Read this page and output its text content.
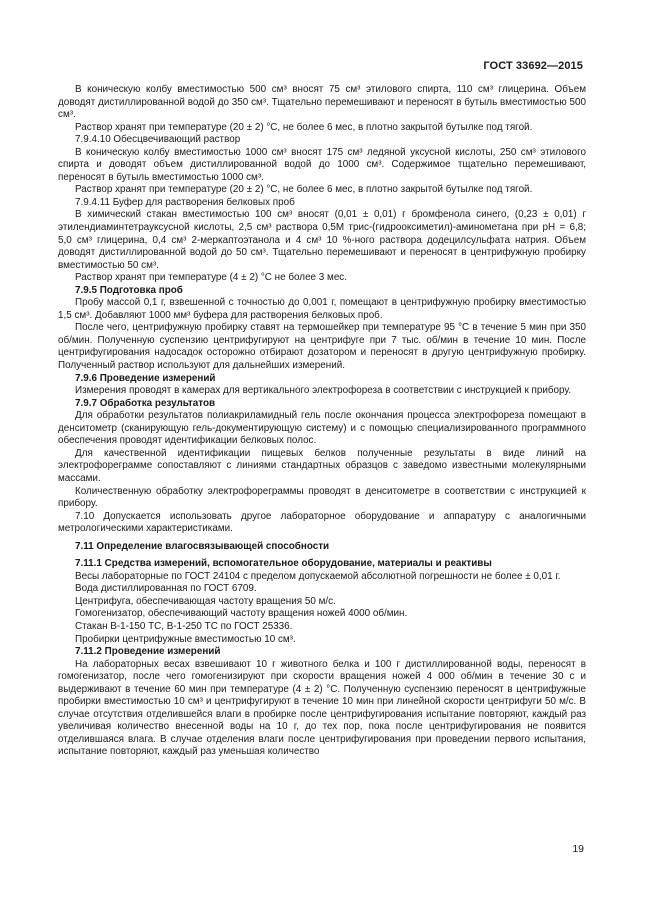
ГОСТ 33692—2015

В коническую колбу вместимостью 500 см³ вносят 75 см³ этилового спирта, 110 см³ глицерина. Объем доводят дистиллированной водой до 350 см³. Тщательно перемешивают и переносят в бутыль вместимостью 500 см³.

Раствор хранят при температуре (20 ± 2) °С, не более 6 мес, в плотно закрытой бутылке под тягой.

7.9.4.10 Обесцвечивающий раствор

В коническую колбу вместимостью 1000 см³ вносят 175 см³ ледяной уксусной кислоты, 250 см³ этилового спирта и доводят объем дистиллированной водой до 1000 см³. Содержимое тщательно перемешивают, переносят в бутыль вместимостью 1000 см³.

Раствор хранят при температуре (20 ± 2) °С, не более 6 мес, в плотно закрытой бутылке под тягой.

7.9.4.11 Буфер для растворения белковых проб

В химический стакан вместимостью 100 см³ вносят (0,01 ± 0,01) г бромфенола синего, (0,23 ± 0,01) г этилендиаминтетрауксусной кислоты, 2,5 см³ раствора 0,5М трис-(гидрооксиметил)-аминометана при pH = 6,8; 5,0 см³ глицерина, 0,4 см³ 2-меркаптоэтанола и 4 см³ 10 %-ного раствора додецилсульфата натрия. Объем доводят дистиллированной водой до 50 см³. Тщательно перемешивают и переносят в центрифужную пробирку вместимостью 50 см³.

Раствор хранят при температуре (4 ± 2) °С не более 3 мес.

7.9.5 Подготовка проб

Пробу массой 0,1 г, взвешенной с точностью до 0,001 г, помещают в центрифужную пробирку вместимостью 1,5 см³. Добавляют 1000 мм³ буфера для растворения белковых проб.

После чего, центрифужную пробирку ставят на термошейкер при температуре 95 °С в течение 5 мин при 350 об/мин. Полученную суспензию центрифугируют на центрифуге при 7 тыс. об/мин в течение 10 мин. После центрифугирования надосадок осторожно отбирают дозатором и переносят в другую центрифужную пробирку. Полученный раствор используют для дальнейших измерений.

7.9.6 Проведение измерений

Измерения проводят в камерах для вертикального электрофореза в соответствии с инструкцией к прибору.

7.9.7 Обработка результатов

Для обработки результатов полиакриламидный гель после окончания процесса электрофореза помещают в денситометр (сканирующую гель-документирующую систему) и с помощью специализированного программного обеспечения проводят идентификации белковых полос.

Для качественной идентификации пищевых белков полученные результаты в виде линий на электрофореграмме сопоставляют с линиями стандартных образцов с заведомо известными молекулярными массами.

Количественную обработку электрофореграммы проводят в денситометре в соответствии с инструкцией к прибору.

7.10 Допускается использовать другое лабораторное оборудование и аппаратуру с аналогичными метрологическими характеристиками.

7.11 Определение влагосвязывающей способности

7.11.1 Средства измерений, вспомогательное оборудование, материалы и реактивы

Весы лабораторные по ГОСТ 24104 с пределом допускаемой абсолютной погрешности не более ± 0,01 г.

Вода дистиллированная по ГОСТ 6709.

Центрифуга, обеспечивающая частоту вращения 50 м/с.

Гомогенизатор, обеспечивающий частоту вращения ножей 4000 об/мин.

Стакан В-1-150 ТС, В-1-250 ТС по ГОСТ 25336.

Пробирки центрифужные вместимостью 10 см³.

7.11.2 Проведение измерений

На лабораторных весах взвешивают 10 г животного белка и 100 г дистиллированной воды, переносят в гомогенизатор, после чего гомогенизируют при скорости вращения ножей 4 000 об/мин в течение 30 с и выдерживают в течение 60 мин при температуре (4 ± 2) °С. Полученную суспензию переносят в центрифужные пробирки вместимостью 10 см³ и центрифугируют в течение 10 мин при линейной скорости центрифуги 50 м/с. В случае отсутствия отделившейся влаги в пробирке после центрифугирования испытание повторяют, каждый раз увеличивая количество внесенной воды на 10 г, до тех пор, пока после центрифугирования не появится отделившаяся влага. В случае отделения влаги после центрифугирования при проведении первого испытания, испытание повторяют, каждый раз уменьшая количество

19
